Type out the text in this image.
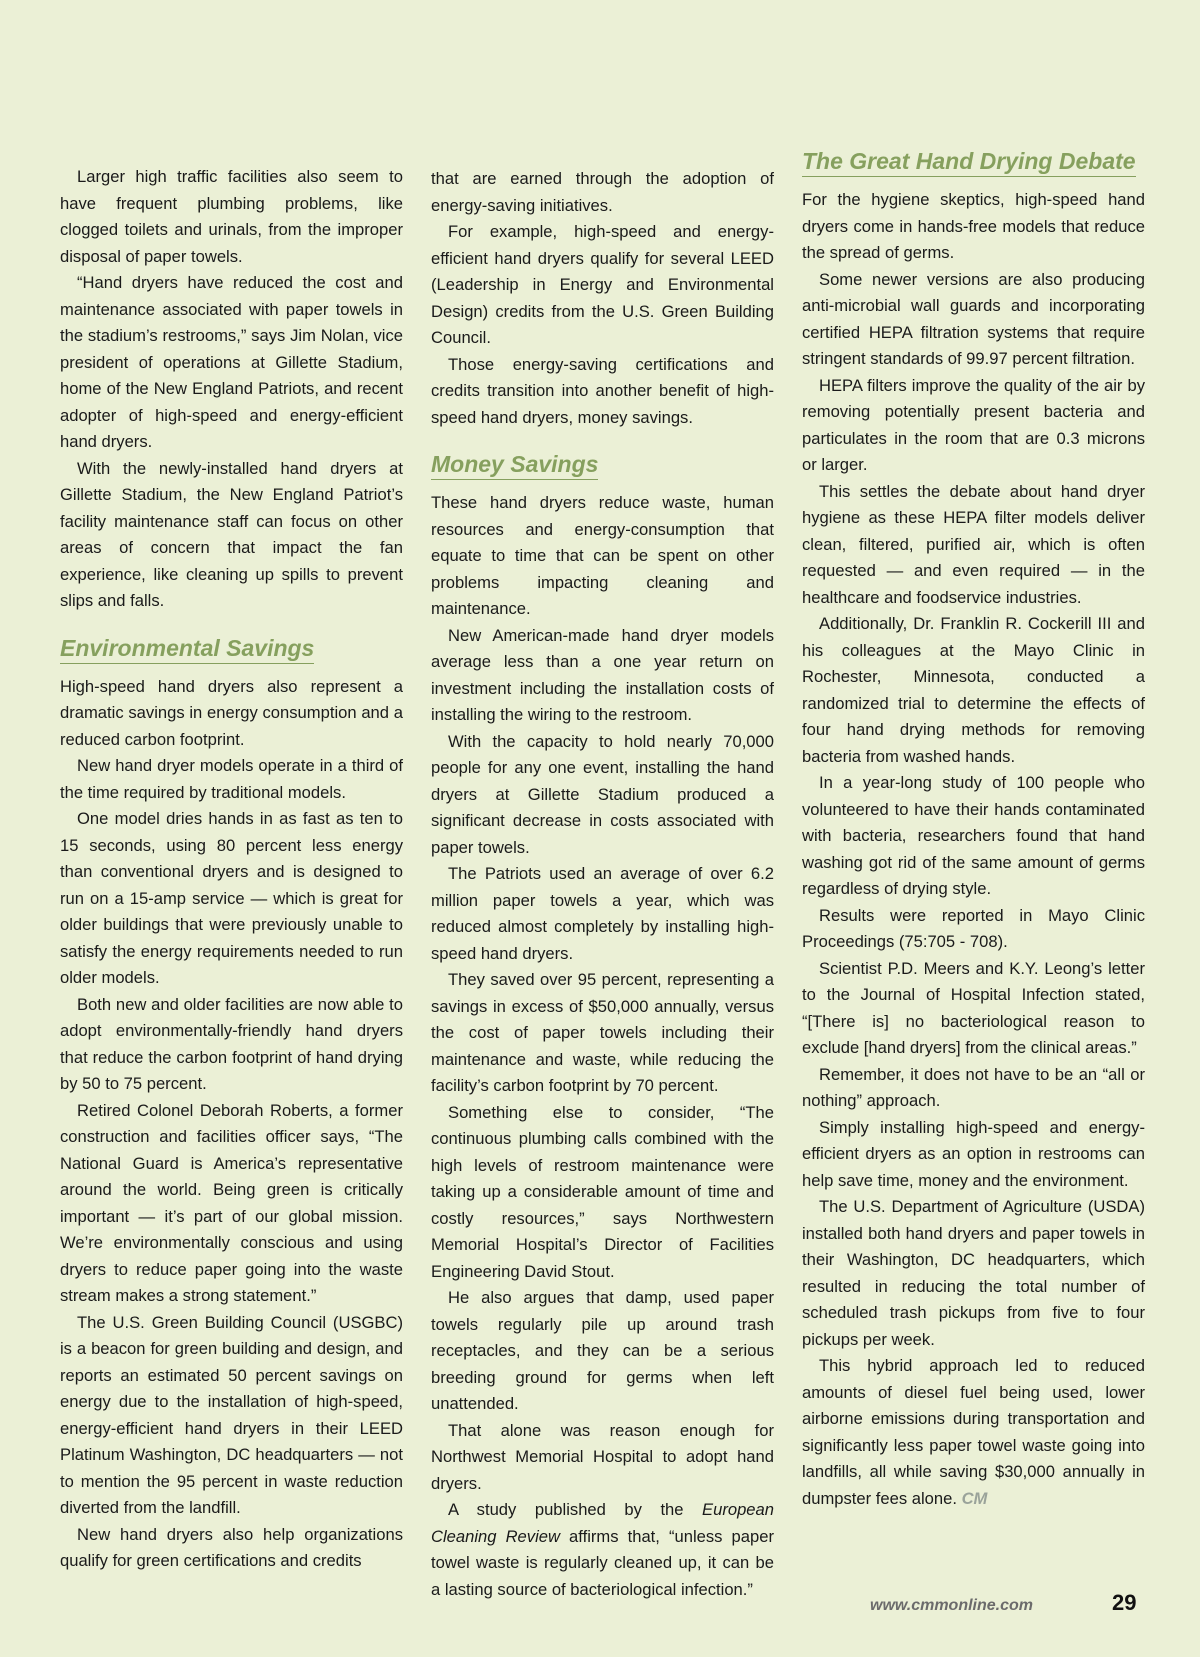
Larger high traffic facilities also seem to have frequent plumbing problems, like clogged toilets and urinals, from the improper disposal of paper towels.

“Hand dryers have reduced the cost and maintenance associated with paper towels in the stadium’s restrooms,” says Jim Nolan, vice president of operations at Gillette Stadium, home of the New England Patriots, and recent adopter of high-speed and energy-efficient hand dryers.

With the newly-installed hand dryers at Gillette Stadium, the New England Patriot’s facility maintenance staff can focus on other areas of concern that impact the fan experience, like cleaning up spills to prevent slips and falls.

Environmental Savings

High-speed hand dryers also represent a dramatic savings in energy consumption and a reduced carbon footprint.

New hand dryer models operate in a third of the time required by traditional models.

One model dries hands in as fast as ten to 15 seconds, using 80 percent less energy than conventional dryers and is designed to run on a 15-amp service — which is great for older buildings that were previously unable to satisfy the energy requirements needed to run older models.

Both new and older facilities are now able to adopt environmentally-friendly hand dryers that reduce the carbon footprint of hand drying by 50 to 75 percent.

Retired Colonel Deborah Roberts, a former construction and facilities officer says, “The National Guard is America’s representative around the world. Being green is critically important — it’s part of our global mission. We’re environmentally conscious and using dryers to reduce paper going into the waste stream makes a strong statement.”

The U.S. Green Building Council (USGBC) is a beacon for green building and design, and reports an estimated 50 percent savings on energy due to the installation of high-speed, energy-efficient hand dryers in their LEED Platinum Washington, DC headquarters — not to mention the 95 percent in waste reduction diverted from the landfill.

New hand dryers also help organizations qualify for green certifications and credits

that are earned through the adoption of energy-saving initiatives.

For example, high-speed and energy-efficient hand dryers qualify for several LEED (Leadership in Energy and Environmental Design) credits from the U.S. Green Building Council.

Those energy-saving certifications and credits transition into another benefit of high-speed hand dryers, money savings.

Money Savings

These hand dryers reduce waste, human resources and energy-consumption that equate to time that can be spent on other problems impacting cleaning and maintenance.

New American-made hand dryer models average less than a one year return on investment including the installation costs of installing the wiring to the restroom.

With the capacity to hold nearly 70,000 people for any one event, installing the hand dryers at Gillette Stadium produced a significant decrease in costs associated with paper towels.

The Patriots used an average of over 6.2 million paper towels a year, which was reduced almost completely by installing high-speed hand dryers.

They saved over 95 percent, representing a savings in excess of $50,000 annually, versus the cost of paper towels including their maintenance and waste, while reducing the facility’s carbon footprint by 70 percent.

Something else to consider, “The continuous plumbing calls combined with the high levels of restroom maintenance were taking up a considerable amount of time and costly resources,” says Northwestern Memorial Hospital’s Director of Facilities Engineering David Stout.

He also argues that damp, used paper towels regularly pile up around trash receptacles, and they can be a serious breeding ground for germs when left unattended.

That alone was reason enough for Northwest Memorial Hospital to adopt hand dryers.

A study published by the European Cleaning Review affirms that, “unless paper towel waste is regularly cleaned up, it can be a lasting source of bacteriological infection.”

The Great Hand Drying Debate

For the hygiene skeptics, high-speed hand dryers come in hands-free models that reduce the spread of germs.

Some newer versions are also producing anti-microbial wall guards and incorporating certified HEPA filtration systems that require stringent standards of 99.97 percent filtration.

HEPA filters improve the quality of the air by removing potentially present bacteria and particulates in the room that are 0.3 microns or larger.

This settles the debate about hand dryer hygiene as these HEPA filter models deliver clean, filtered, purified air, which is often requested — and even required — in the healthcare and foodservice industries.

Additionally, Dr. Franklin R. Cockerill III and his colleagues at the Mayo Clinic in Rochester, Minnesota, conducted a randomized trial to determine the effects of four hand drying methods for removing bacteria from washed hands.

In a year-long study of 100 people who volunteered to have their hands contaminated with bacteria, researchers found that hand washing got rid of the same amount of germs regardless of drying style.

Results were reported in Mayo Clinic Proceedings (75:705 - 708).

Scientist P.D. Meers and K.Y. Leong’s letter to the Journal of Hospital Infection stated, “[There is] no bacteriological reason to exclude [hand dryers] from the clinical areas.”

Remember, it does not have to be an “all or nothing” approach.

Simply installing high-speed and energy-efficient dryers as an option in restrooms can help save time, money and the environment.

The U.S. Department of Agriculture (USDA) installed both hand dryers and paper towels in their Washington, DC headquarters, which resulted in reducing the total number of scheduled trash pickups from five to four pickups per week.

This hybrid approach led to reduced amounts of diesel fuel being used, lower airborne emissions during transportation and significantly less paper towel waste going into landfills, all while saving $30,000 annually in dumpster fees alone. CM

www.cmmonline.com	29
